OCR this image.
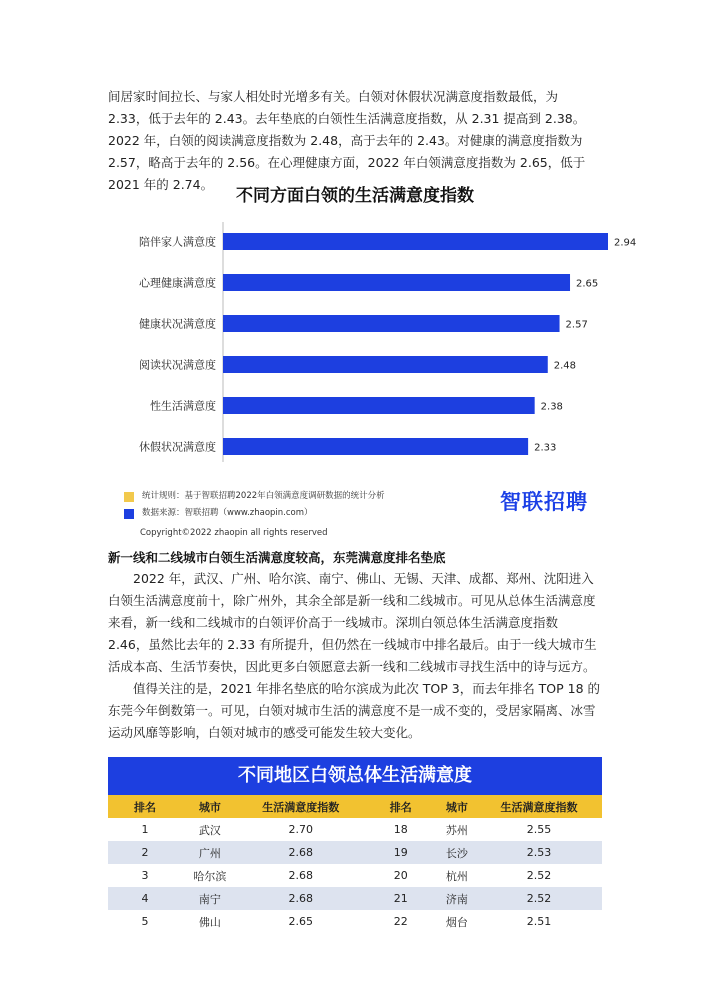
间居家时间拉长、与家人相处时光增多有关。白领对休假状况满意度指数最低，为 2.33，低于去年的 2.43。去年垫底的白领性生活满意度指数，从 2.31 提高到 2.38。2022 年，白领的阅读满意度指数为 2.48，高于去年的 2.43。对健康的满意度指数为 2.57，略高于去年的 2.56。在心理健康方面，2022 年白领满意度指数为 2.65，低于 2021 年的 2.74。

不同方面白领的生活满意度指数
陪伴家人满意度	2.94
心理健康满意度	2.65
健康状况满意度	2.57
阅读状况满意度	2.48
性生活满意度	2.38
休假状况满意度	2.33
统计规则：基于智联招聘2022年白领满意度调研数据的统计分析
数据来源：智联招聘（www.zhaopin.com）	智联招聘
Copyright©2022 zhaopin all rights reserved
新一线和二线城市白领生活满意度较高，东莞满意度排名垫底

2022 年，武汉、广州、哈尔滨、南宁、佛山、无锡、天津、成都、郑州、沈阳进入白领生活满意度前十，除广州外，其余全部是新一线和二线城市。可见从总体生活满意度来看，新一线和二线城市的白领评价高于一线城市。深圳白领总体生活满意度指数 2.46，虽然比去年的 2.33 有所提升，但仍然在一线城市中排名最后。由于一线大城市生活成本高、生活节奏快，因此更多白领愿意去新一线和二线城市寻找生活中的诗与远方。

值得关注的是，2021 年排名垫底的哈尔滨成为此次 TOP 3，而去年排名 TOP 18 的东莞今年倒数第一。可见，白领对城市生活的满意度不是一成不变的，受居家隔离、冰雪运动风靡等影响，白领对城市的感受可能发生较大变化。

不同地区白领总体生活满意度
排名	城市	生活满意度指数	排名	城市	生活满意度指数
1	武汉	2.70	18	苏州	2.55
2	广州	2.68	19	长沙	2.53
3	哈尔滨	2.68	20	杭州	2.52
4	南宁	2.68	21	济南	2.52
5	佛山	2.65	22	烟台	2.51
